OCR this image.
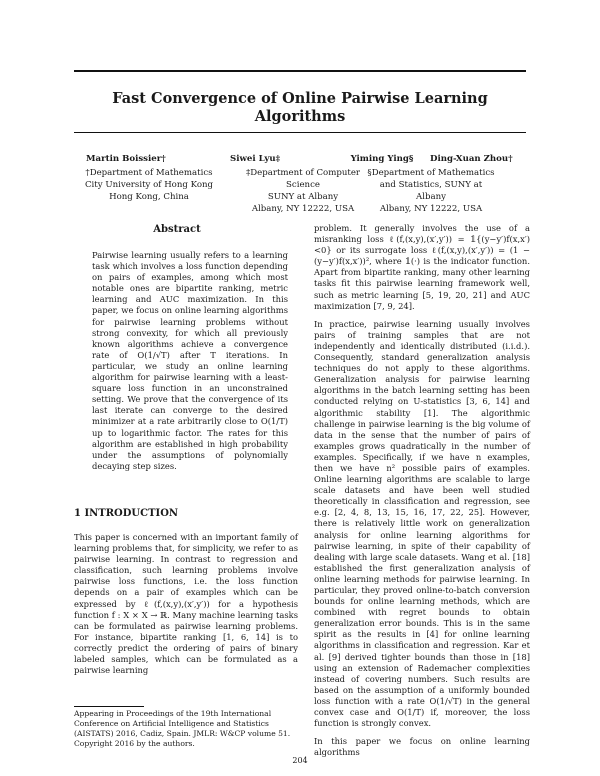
Fast Convergence of Online Pairwise Learning Algorithms
Martin Boissier†
†Department of Mathematics
City University of Hong Kong
Hong Kong, China
Siwei Lyu‡
‡Department of Computer Science
SUNY at Albany
Albany, NY 12222, USA
Yiming Ying§
§Department of Mathematics
and Statistics, SUNY at Albany
Albany, NY 12222, USA
Ding-Xuan Zhou†
Abstract

Pairwise learning usually refers to a learning task which involves a loss function depending on pairs of examples, among which most notable ones are bipartite ranking, metric learning and AUC maximization. In this paper, we focus on online learning algorithms for pairwise learning problems without strong convexity, for which all previously known algorithms achieve a convergence rate of O(1/√T) after T iterations. In particular, we study an online learning algorithm for pairwise learning with a least-square loss function in an unconstrained setting. We prove that the convergence of its last iterate can converge to the desired minimizer at a rate arbitrarily close to O(1/T) up to logarithmic factor. The rates for this algorithm are established in high probability under the assumptions of polynomially decaying step sizes.

1 INTRODUCTION

This paper is concerned with an important family of learning problems that, for simplicity, we refer to as pairwise learning. In contrast to regression and classification, such learning problems involve pairwise loss functions, i.e. the loss function depends on a pair of examples which can be expressed by ℓ(f,(x,y),(x′,y′)) for a hypothesis function f : X × X → ℝ. Many machine learning tasks can be formulated as pairwise learning problems. For instance, bipartite ranking [1, 6, 14] is to correctly predict the ordering of pairs of binary labeled samples, which can be formulated as a pairwise learning

problem. It generally involves the use of a misranking loss ℓ(f,(x,y),(x′,y′)) = 𝟙{(y−y′)f(x,x′)<0} or its surrogate loss ℓ(f,(x,y),(x′,y′)) = (1 − (y−y′)f(x,x′))², where 𝟙(·) is the indicator function. Apart from bipartite ranking, many other learning tasks fit this pairwise learning framework well, such as metric learning [5, 19, 20, 21] and AUC maximization [7, 9, 24].

In practice, pairwise learning usually involves pairs of training samples that are not independently and identically distributed (i.i.d.). Consequently, standard generalization analysis techniques do not apply to these algorithms. Generalization analysis for pairwise learning algorithms in the batch learning setting has been conducted relying on U-statistics [3, 6, 14] and algorithmic stability [1]. The algorithmic challenge in pairwise learning is the big volume of data in the sense that the number of pairs of examples grows quadratically in the number of examples. Specifically, if we have n examples, then we have n² possible pairs of examples. Online learning algorithms are scalable to large scale datasets and have been well studied theoretically in classification and regression, see e.g. [2, 4, 8, 13, 15, 16, 17, 22, 25]. However, there is relatively little work on generalization analysis for online learning algorithms for pairwise learning, in spite of their capability of dealing with large scale datasets. Wang et al. [18] established the first generalization analysis of online learning methods for pairwise learning. In particular, they proved online-to-batch conversion bounds for online learning methods, which are combined with regret bounds to obtain generalization error bounds. This is in the same spirit as the results in [4] for online learning algorithms in classification and regression. Kar et al. [9] derived tighter bounds than those in [18] using an extension of Rademacher complexities instead of covering numbers. Such results are based on the assumption of a uniformly bounded loss function with a rate O(1/√T) in the general convex case and O(1/T) if, moreover, the loss function is strongly convex.

In this paper we focus on online learning algorithms

Appearing in Proceedings of the 19th International Conference on Artificial Intelligence and Statistics (AISTATS) 2016, Cadiz, Spain. JMLR: W&CP volume 51. Copyright 2016 by the authors.
204
